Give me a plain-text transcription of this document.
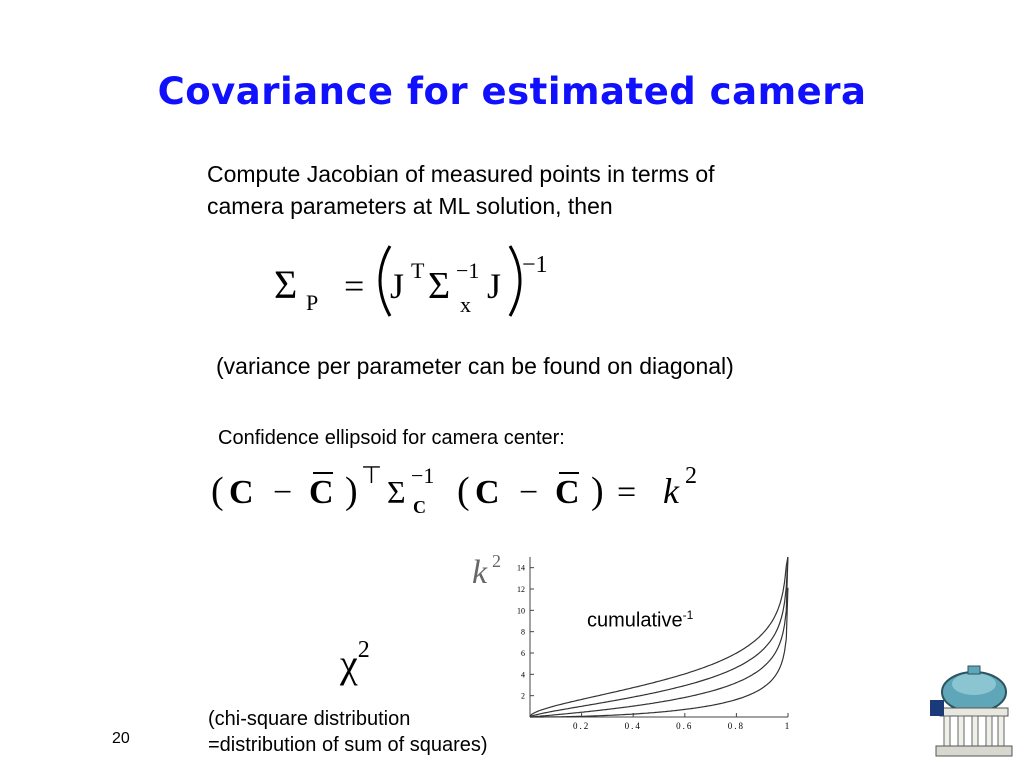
Covariance for estimated camera
Compute Jacobian of measured points in terms of
camera parameters at ML solution, then
Σ P = J T Σ −1
x J
−1
(variance per parameter can be found on diagonal)
Confidence ellipsoid for camera center:
( C − C ) ⊤ Σ −1
C ( C − C ) = k 2
k 2
0.2	0.4	0.6	0.8	1
2
4
6
8
10
12
14
cumulative$^{-1}$
$\chi^2$
(chi-square distribution
=distribution of sum of squares)
20
